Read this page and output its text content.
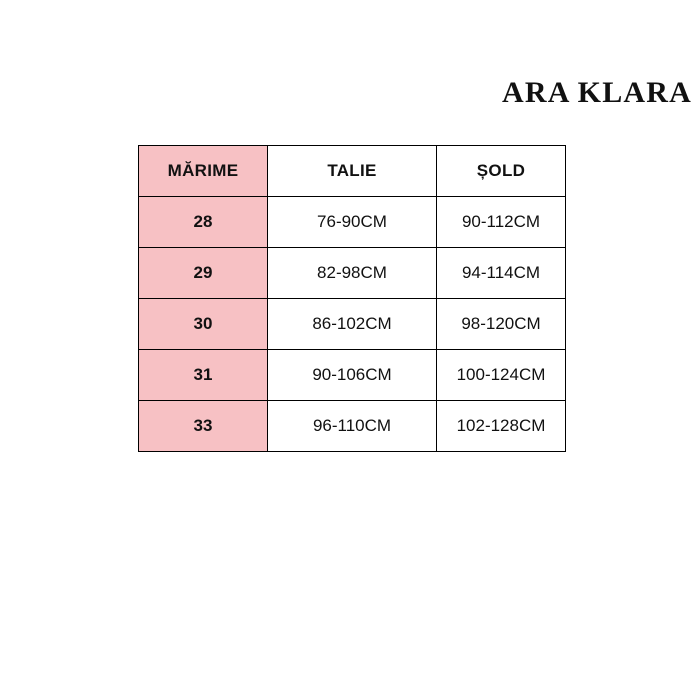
ARA KLARA
MĂRIME	TALIE	ȘOLD
28	76-90CM	90-112CM
29	82-98CM	94-114CM
30	86-102CM	98-120CM
31	90-106CM	100-124CM
33	96-110CM	102-128CM
